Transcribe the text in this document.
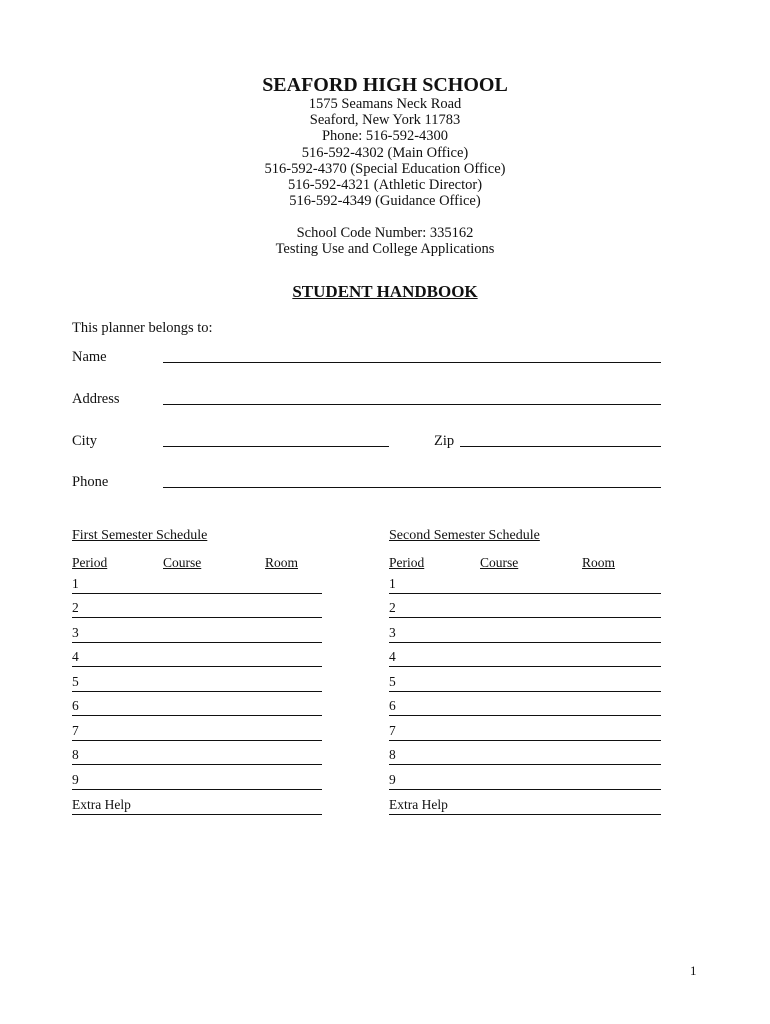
SEAFORD HIGH SCHOOL
1575 Seamans Neck Road
Seaford, New York 11783
Phone: 516-592-4300
516-592-4302 (Main Office)
516-592-4370 (Special Education Office)
516-592-4321 (Athletic Director)
516-592-4349 (Guidance Office)
School Code Number: 335162
Testing Use and College Applications
STUDENT HANDBOOK
This planner belongs to:
Name
Address
City	Zip
Phone
First Semester Schedule
Period	Course	Room
1
2
3
4
5
6
7
8
9
Extra Help
Second Semester Schedule
Period	Course	Room
1
2
3
4
5
6
7
8
9
Extra Help
1
